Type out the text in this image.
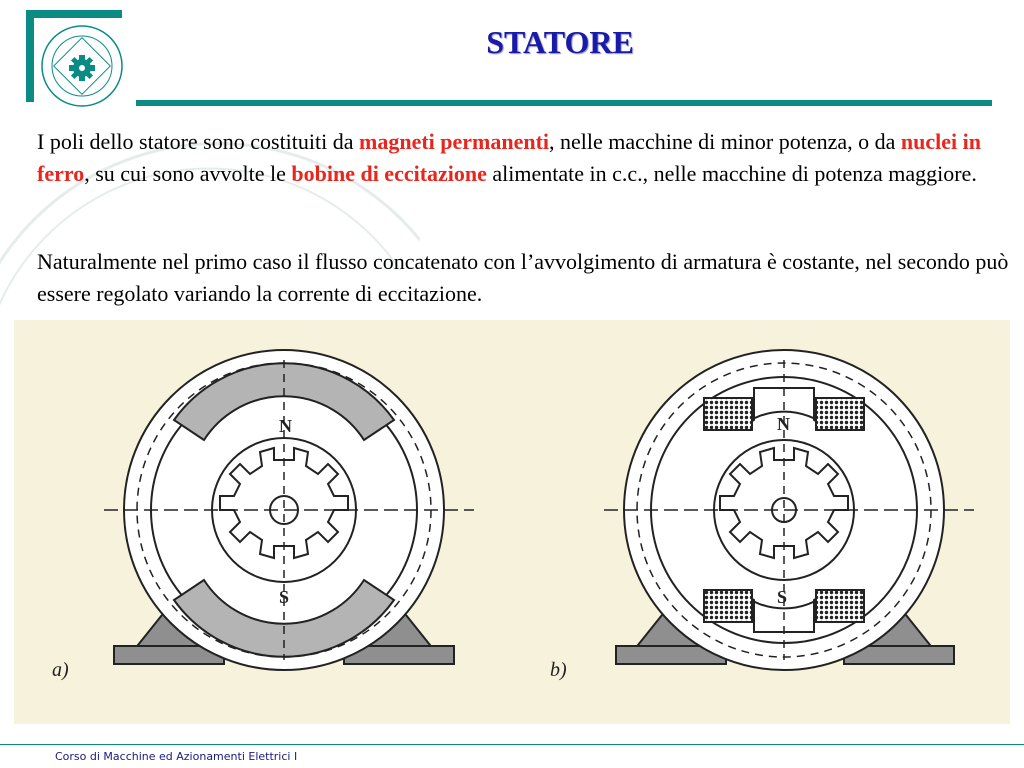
STATORE
I poli dello statore sono costituiti da magneti permanenti, nelle macchine di minor potenza, o da nuclei in ferro, su cui sono avvolte le bobine di eccitazione alimentate in c.c., nelle macchine di potenza maggiore.
Naturalmente nel primo caso il flusso concatenato con l’avvolgimento di armatura è costante, nel secondo può essere regolato variando la corrente di eccitazione.
N
S
a)
N
S
b)
Corso di Macchine ed Azionamenti Elettrici I
